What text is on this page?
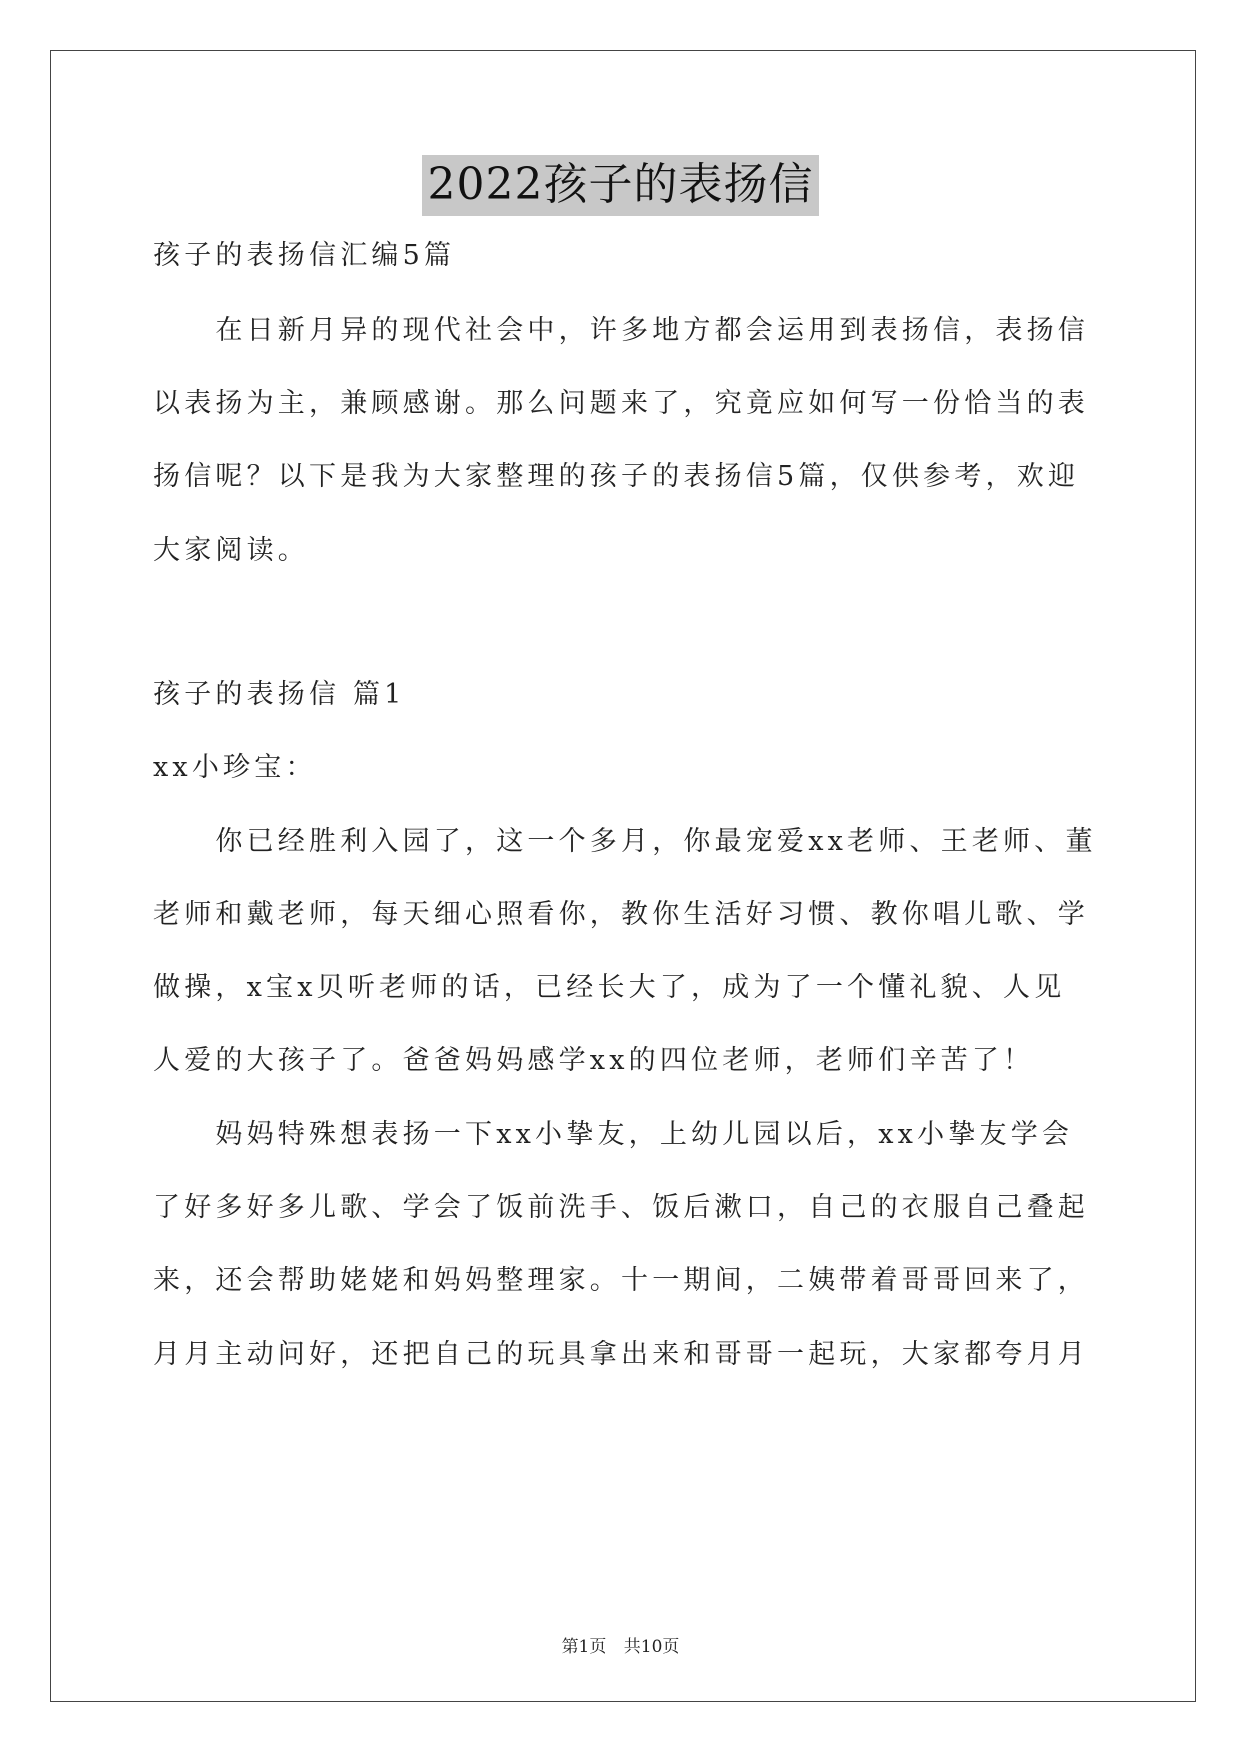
2022孩子的表扬信
孩子的表扬信汇编5篇
　　在日新月异的现代社会中，许多地方都会运用到表扬信，表扬信
以表扬为主，兼顾感谢。那么问题来了，究竟应如何写一份恰当的表
扬信呢？以下是我为大家整理的孩子的表扬信5篇，仅供参考，欢迎
大家阅读。
孩子的表扬信 篇1
xx小珍宝：
　　你已经胜利入园了，这一个多月，你最宠爱xx老师、王老师、董
老师和戴老师，每天细心照看你，教你生活好习惯、教你唱儿歌、学
做操，x宝x贝听老师的话，已经长大了，成为了一个懂礼貌、人见
人爱的大孩子了。爸爸妈妈感学xx的四位老师，老师们辛苦了！
　　妈妈特殊想表扬一下xx小挚友，上幼儿园以后，xx小挚友学会
了好多好多儿歌、学会了饭前洗手、饭后漱口，自己的衣服自己叠起
来，还会帮助姥姥和妈妈整理家。十一期间，二姨带着哥哥回来了，
月月主动问好，还把自己的玩具拿出来和哥哥一起玩，大家都夸月月
第1页 共10页
